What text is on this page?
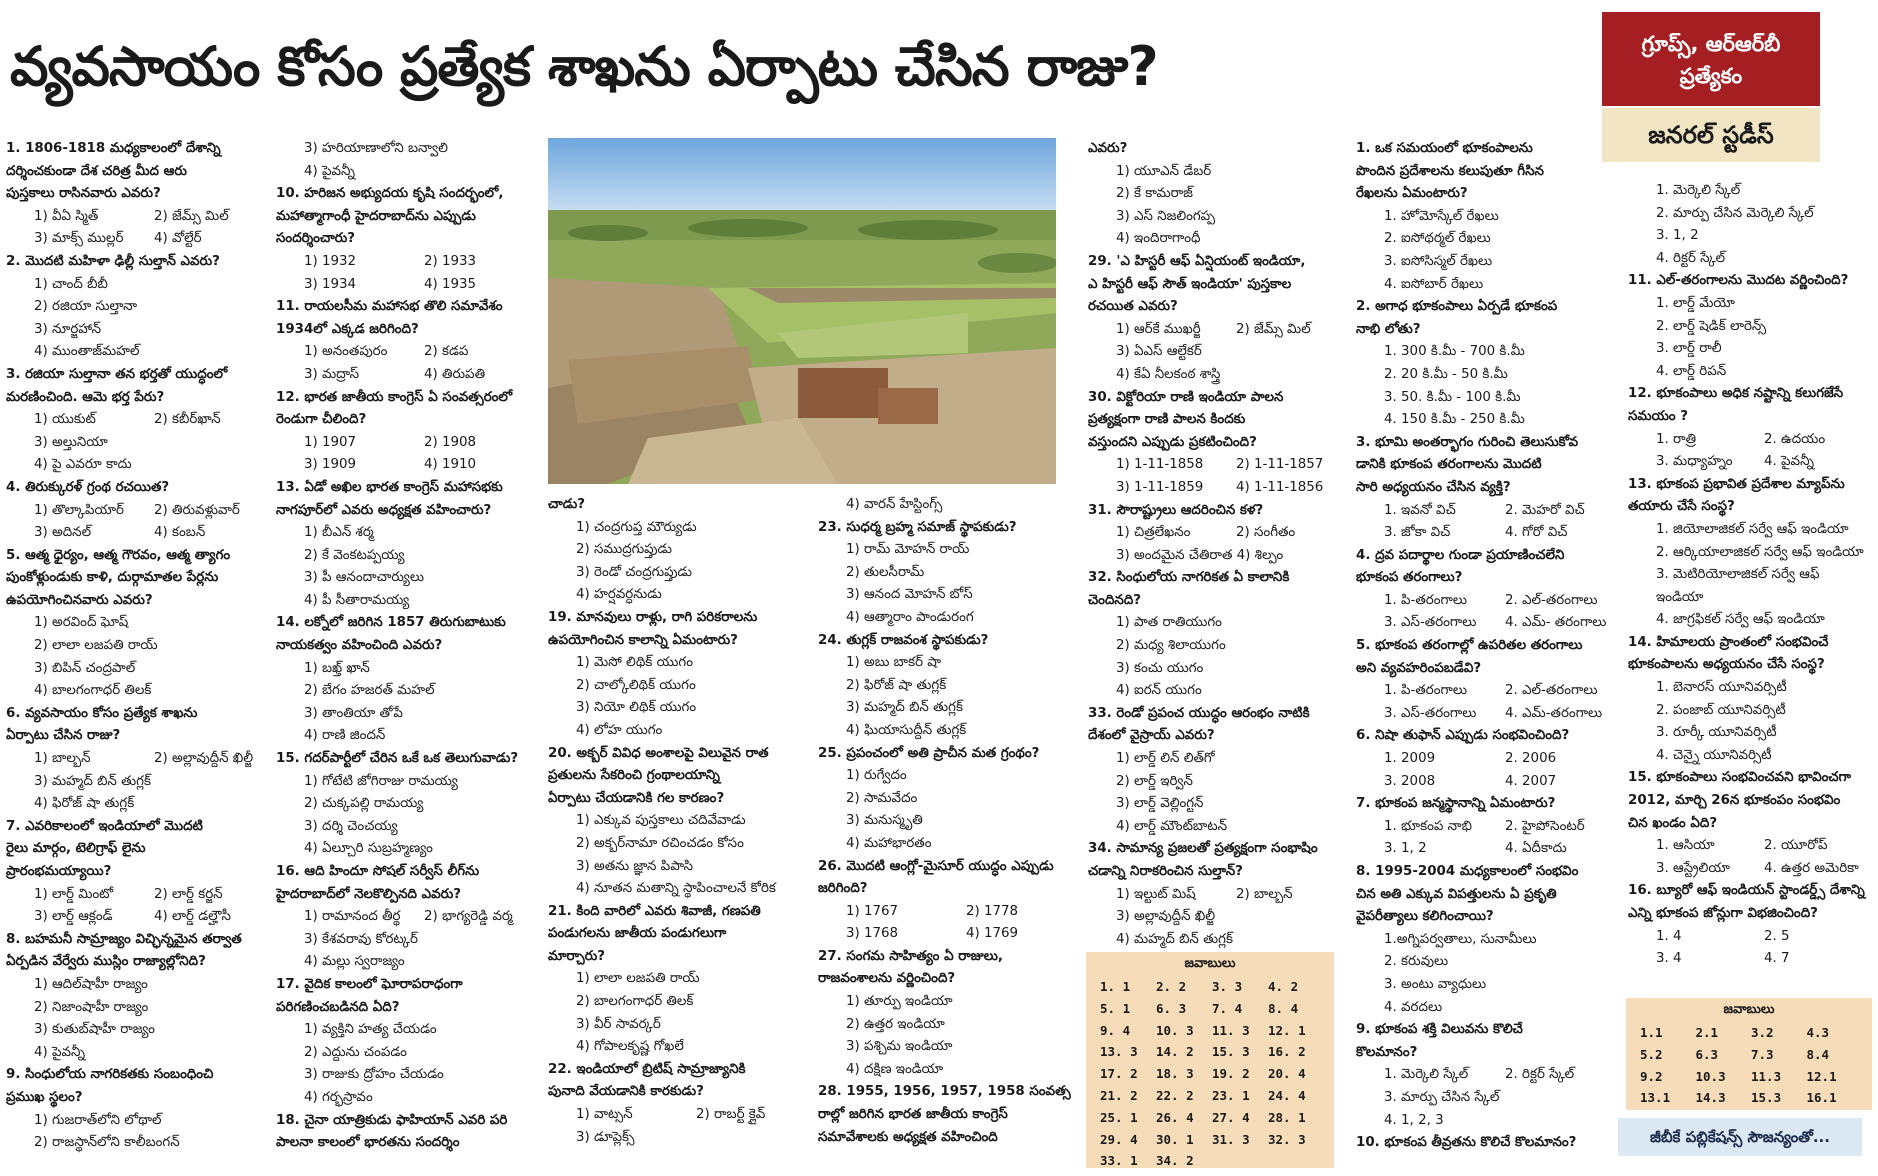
వ్యవసాయం కోసం ప్రత్యేక శాఖను ఏర్పాటు చేసిన రాజు?	గ్రూప్స్, ఆర్ఆర్‌బీ
ప్రత్యేకం
జనరల్ స్టడీస్
1. 1806-1818 మధ్యకాలంలో దేశాన్ని
దర్శించకుండా దేశ చరిత్ర మీద ఆరు
పుస్తకాలు రాసినవారు ఎవరు?
1) వీఏ స్మిత్	2) జేమ్స్ మిల్
3) మాక్స్ ముల్లర్	4) వోల్టేర్
2. మొదటి మహిళా ఢిల్లీ సుల్తాన్ ఎవరు?
1) చాంద్ బీబీ
2) రజియా సుల్తానా
3) నూర్జహాన్
4) ముంతాజ్‌మహల్
3. రజియా సుల్తానా తన భర్తతో యుద్ధంలో
మరణించింది. ఆమె భర్త పేరు?
1) యుకుట్	2) కబీర్‌ఖాన్
3) అల్తునియా
4) పై ఎవరూ కాదు
4. తిరుక్కురళ్ గ్రంథ రచయిత?
1) తొల్కాపియార్	2) తిరువళ్లువార్
3) అదినల్	4) కంబన్
5. ఆత్మ ధైర్యం, ఆత్మ గౌరవం, ఆత్మ త్యాగం
పుంకోళ్లుండుకు కాళి, దుర్గామాతల పేర్లను
ఉపయోగించినవారు ఎవరు?
1) అరవింద్ ఘోష్
2) లాలా లజపతి రాయ్
3) బిపిన్ చంద్రపాల్
4) బాలగంగాధర్ తిలక్
6. వ్యవసాయం కోసం ప్రత్యేక శాఖను
ఏర్పాటు చేసిన రాజు?
1) బాల్బన్	2) అల్లావుద్దీన్ ఖిల్జీ
3) మహ్మద్ బిన్ తుగ్లక్
4) ఫిరోజ్ షా తుగ్లక్
7. ఎవరికాలంలో ఇండియాలో మొదటి
రైలు మార్గం, టెలిగ్రాఫ్ లైను
ప్రారంభమయ్యాయి?
1) లార్డ్ మింటో	2) లార్డ్ కర్జన్
3) లార్డ్ ఆక్లండ్	4) లార్డ్ డల్హౌసీ
8. బహమనీ సామ్రాజ్యం విచ్ఛిన్నమైన తర్వాత
ఏర్పడిన వేర్వేరు ముస్లిం రాజ్యాల్లోనిది?
1) ఆదిల్‌షాహీ రాజ్యం
2) నిజాంషాహీ రాజ్యం
3) కుతుబ్‌షాహీ రాజ్యం
4) పైవన్నీ
9. సింధులోయ నాగరికతకు సంబంధించి
ప్రముఖ స్థలం?
1) గుజరాత్‌లోని లోథాల్
2) రాజస్థాన్‌లోని కాలీబంగన్
3) హరియాణాలోని బన్వాలి
4) పైవన్నీ
10. హరిజన అభ్యుదయ కృషి సందర్భంలో,
మహాత్మాగాంధీ హైదరాబాద్‌ను ఎప్పుడు
సందర్శించారు?
1) 1932	2) 1933
3) 1934	4) 1935
11. రాయలసీమ మహాసభ తొలి సమావేశం
1934లో ఎక్కడ జరిగింది?
1) అనంతపురం	2) కడప
3) మద్రాస్	4) తిరుపతి
12. భారత జాతీయ కాంగ్రెస్ ఏ సంవత్సరంలో
రెండుగా చీలింది?
1) 1907	2) 1908
3) 1909	4) 1910
13. ఏడో అఖిల భారత కాంగ్రెస్ మహాసభకు
నాగపూర్‌లో ఎవరు అధ్యక్షత వహించారు?
1) బీఎన్ శర్మ
2) కే వెంకటప్పయ్య
3) పీ ఆనందాచార్యులు
4) పీ సీతారామయ్య
14. లక్నోలో జరిగిన 1857 తిరుగుబాటుకు
నాయకత్వం వహించింది ఎవరు?
1) బఖ్త్ ఖాన్
2) బేగం హజరత్ మహల్
3) తాంతియా తోపే
4) రాణి జిందన్
15. గదర్‌పార్టీలో చేరిన ఒకే ఒక తెలుగువాడు?
1) గోటేటి జోగిరాజు రామయ్య
2) చుక్కపల్లి రామయ్య
3) దర్శి చెంచయ్య
4) ఏల్చూరి సుబ్రహ్మణ్యం
16. ఆది హిందూ సోషల్ సర్వీస్ లీగ్‌ను
హైదరాబాద్‌లో నెలకొల్పినది ఎవరు?
1) రామానంద తీర్థ	2) భాగ్యరెడ్డి వర్మ
3) కేశవరావు కోరట్కర్
4) మల్లు స్వరాజ్యం
17. వైదిక కాలంలో ఘోరాపరాధంగా
పరిగణించబడినది ఏది?
1) వ్యక్తిని హత్య చేయడం
2) ఎద్దును చంపడం
3) రాజుకు ద్రోహం చేయడం
4) గర్భస్రావం
18. చైనా యాత్రికుడు ఫాహియాన్ ఎవరి పరి
పాలనా కాలంలో భారతను సందర్శిం
చాడు?
1) చంద్రగుప్త మౌర్యుడు
2) సముద్రగుప్తుడు
3) రెండో చంద్రగుప్తుడు
4) హర్షవర్ధనుడు
19. మానవులు రాళ్లు, రాగి పరికరాలను
ఉపయోగించిన కాలాన్ని ఏమంటారు?
1) మెసో లిథిక్ యుగం
2) చాల్కోలిథిక్ యుగం
3) నియో లిథిక్ యుగం
4) లోహ యుగం
20. అక్బర్ వివిధ అంశాలపై విలువైన రాత
ప్రతులను సేకరించి గ్రంథాలయాన్ని
ఏర్పాటు చేయడానికి గల కారణం?
1) ఎక్కువ పుస్తకాలు చదివేవాడు
2) అక్బర్‌నామా రచించడం కోసం
3) అతను జ్ఞాన పిపాసి
4) నూతన మతాన్ని స్థాపించాలనే కోరిక
21. కింది వారిలో ఎవరు శివాజీ, గణపతి
పండుగలను జాతీయ పండుగలుగా
మార్చారు?
1) లాలా లజపతి రాయ్
2) బాలగంగాధర్ తిలక్
3) వీర్ సావర్కర్
4) గోపాలకృష్ణ గోఖలే
22. ఇండియాలో బ్రిటిష్ సామ్రాజ్యానికి
పునాది వేయడానికి కారకుడు?
1) వాట్సన్	2) రాబర్ట్ క్లైవ్
3) డూప్లెక్స్
4) వారన్ హేస్టింగ్స్
23. సుధర్మ బ్రహ్మ సమాజ్ స్థాపకుడు?
1) రామ్ మోహన్ రాయ్
2) తులసీరామ్
3) ఆనంద మోహన్ బోస్
4) ఆత్మారాం పాండురంగ
24. తుగ్లక్ రాజవంశ స్థాపకుడు?
1) అబు బాకర్ షా
2) ఫిరోజ్ షా తుగ్లక్
3) మహ్మద్ బిన్ తుగ్లక్
4) ఘియాసుద్దీన్ తుగ్లక్
25. ప్రపంచంలో అతి ప్రాచీన మత గ్రంథం?
1) రుగ్వేదం
2) సామవేదం
3) మనుస్మృతి
4) మహాభారతం
26. మొదటి ఆంగ్లో-మైసూర్ యుద్ధం ఎప్పుడు
జరిగింది?
1) 1767	2) 1778
3) 1768	4) 1769
27. సంగమ సాహిత్యం ఏ రాజులు,
రాజవంశాలను వర్ణించింది?
1) తూర్పు ఇండియా
2) ఉత్తర ఇండియా
3) పశ్చిమ ఇండియా
4) దక్షిణ ఇండియా
28. 1955, 1956, 1957, 1958 సంవత్స
రాల్లో జరిగిన భారత జాతీయ కాంగ్రెస్
సమావేశాలకు అధ్యక్షత వహించింది
ఎవరు?
1) యూఎన్ డేబర్
2) కే కామరాజ్
3) ఎస్ నిజలింగప్ప
4) ఇందిరాగాంధీ
29. 'ఎ హిస్టరీ ఆఫ్ ఏన్షియంట్ ఇండియా,
ఎ హిస్టరీ ఆఫ్ సౌత్ ఇండియా' పుస్తకాల
రచయిత ఎవరు?
1) ఆర్‌కే ముఖర్జీ	2) జేమ్స్ మిల్
3) ఏఎస్ ఆల్టేకర్
4) కేఏ నీలకంఠ శాస్త్రి
30. విక్టోరియా రాణి ఇండియా పాలన
ప్రత్యక్షంగా రాణి పాలన కిందకు
వస్తుందని ఎప్పుడు ప్రకటించింది?
1) 1-11-1858	2) 1-11-1857
3) 1-11-1859	4) 1-11-1856
31. సౌరాష్ట్రులు ఆదరించిన కళ?
1) చిత్రలేఖనం	2) సంగీతం
3) అందమైన చేతిరాత 4) శిల్పం
32. సింధులోయ నాగరికత ఏ కాలానికి
చెందినది?
1) పాత రాతియుగం
2) మధ్య శిలాయుగం
3) కంచు యుగం
4) ఐరన్ యుగం
33. రెండో ప్రపంచ యుద్ధం ఆరంభం నాటికి
దేశంలో వైస్రాయ్ ఎవరు?
1) లార్డ్ లిన్ లిత్‌గో
2) లార్డ్ ఇర్విన్
3) లార్డ్ వెల్లింగ్టన్
4) లార్డ్ మౌంట్‌బాటన్
34. సామాన్య ప్రజలతో ప్రత్యక్షంగా సంభాషిం
చడాన్ని నిరాకరించిన సుల్తాన్?
1) ఇల్టుట్ మిష్	2) బాల్బన్
3) అల్లావుద్దీన్ ఖిల్జీ
4) మహ్మద్ బిన్ తుగ్లక్
జవాబులు
1. 1	2. 2	3. 3	4. 2
5. 1	6. 3	7. 4	8. 4
9. 4	10. 3	11. 3	12. 1
13. 3	14. 2	15. 3	16. 2
17. 2	18. 3	19. 2	20. 4
21. 2	22. 2	23. 1	24. 4
25. 1	26. 4	27. 4	28. 1
29. 4	30. 1	31. 3	32. 3
33. 1	34. 2
1. ఒక సమయంలో భూకంపాలను
పొందిన ప్రదేశాలను కలుపుతూ గీసిన
రేఖలను ఏమంటారు?
1. హోమోస్కేల్ రేఖలు
2. ఐసోథర్మల్ రేఖలు
3. ఐసోసిస్మల్ రేఖలు
4. ఐసోబార్ రేఖలు
2. అగాధ భూకంపాలు ఏర్పడే భూకంప
నాభి లోతు?
1. 300 కి.మీ - 700 కి.మీ
2. 20 కి.మీ - 50 కి.మీ
3. 50. కి.మీ - 100 కి.మీ
4. 150 కి.మీ - 250 కి.మీ
3. భూమి అంతర్భాగం గురించి తెలుసుకోవ
డానికి భూకంప తరంగాలను మొదటి
సారి అధ్యయనం చేసిన వ్యక్తి?
1. ఇవనో విచ్	2. మెహరో విచ్
3. జోకా విచ్	4. గోరో విచ్
4. ద్రవ పదార్థాల గుండా ప్రయాణించలేని
భూకంప తరంగాలు?
1. పి-తరంగాలు	2. ఎల్-తరంగాలు
3. ఎస్-తరంగాలు	4. ఎమ్- తరంగాలు
5. భూకంప తరంగాల్లో ఉపరితల తరంగాలు
అని వ్యవహరింపబడేవి?
1. పి-తరంగాలు	2. ఎల్-తరంగాలు
3. ఎస్-తరంగాలు	4. ఎమ్-తరంగాలు
6. నిషా తుఫాన్ ఎప్పుడు సంభవించింది?
1. 2009	2. 2006
3. 2008	4. 2007
7. భూకంప జన్మస్థానాన్ని ఏమంటారు?
1. భూకంప నాభి	2. హైపోసెంటర్
3. 1, 2	4. ఏదీకాదు
8. 1995-2004 మధ్యకాలంలో సంభవిం
చిన అతి ఎక్కువ విపత్తులను ఏ ప్రకృతి
వైపరీత్యాలు కలిగించాయి?
1.అగ్నిపర్వతాలు, సునామీలు
2. కరువులు
3. అంటు వ్యాధులు
4. వరదలు
9. భూకంప శక్తి విలువను కొలిచే
కొలమానం?
1. మెర్కెలి స్కేల్	2. రిక్టర్ స్కేల్
3. మార్పు చేసిన స్కేల్
4. 1, 2, 3
10. భూకంప తీవ్రతను కొలిచే కొలమానం?
1. మెర్కెలి స్కేల్
2. మార్పు చేసిన మెర్కెలి స్కేల్
3. 1, 2
4. రిక్టర్ స్కేల్
11. ఎల్-తరంగాలను మొదట వర్ణించింది?
1. లార్డ్ మేయో
2. లార్డ్ షెడిక్ లారెన్స్
3. లార్డ్ రాలీ
4. లార్డ్ రిపన్
12. భూకంపాలు అధిక నష్టాన్ని కలుగజేసే
సమయం ?
1. రాత్రి	2. ఉదయం
3. మధ్యాహ్నం	4. పైవన్నీ
13. భూకంప ప్రభావిత ప్రదేశాల మ్యాప్‌ను
తయారు చేసే సంస్థ?
1. జియోలాజికల్ సర్వే ఆఫ్ ఇండియా
2. ఆర్కియాలాజికల్ సర్వే ఆఫ్ ఇండియా
3. మెటిరియోలాజికల్ సర్వే ఆఫ్
ఇండియా
4. జాగ్రఫికల్ సర్వే ఆఫ్ ఇండియా
14. హిమాలయ ప్రాంతంలో సంభవించే
భూకంపాలను అధ్యయనం చేసే సంస్థ?
1. బెనారస్ యూనివర్సిటీ
2. పంజాబ్ యూనివర్సిటీ
3. రూర్కీ యూనివర్సిటీ
4. చెన్నై యూనివర్సిటీ
15. భూకంపాలు సంభవించవని భావించగా
2012, మార్చి 26న భూకంపం సంభవిం
చిన ఖండం ఏది?
1. ఆసియా	2. యూరోప్
3. ఆస్ట్రేలియా	4. ఉత్తర అమెరికా
16. బ్యూరో ఆఫ్ ఇండియన్ స్టాండర్డ్స్ దేశాన్ని
ఎన్ని భూకంప జోన్లుగా విభజించింది?
1. 4	2. 5
3. 4	4. 7
జవాబులు
1.1	2.1	3.2	4.3
5.2	6.3	7.3	8.4
9.2	10.3	11.3	12.1
13.1	14.3	15.3	16.1
జీబీకే పబ్లికేషన్స్ సౌజన్యంతో...
